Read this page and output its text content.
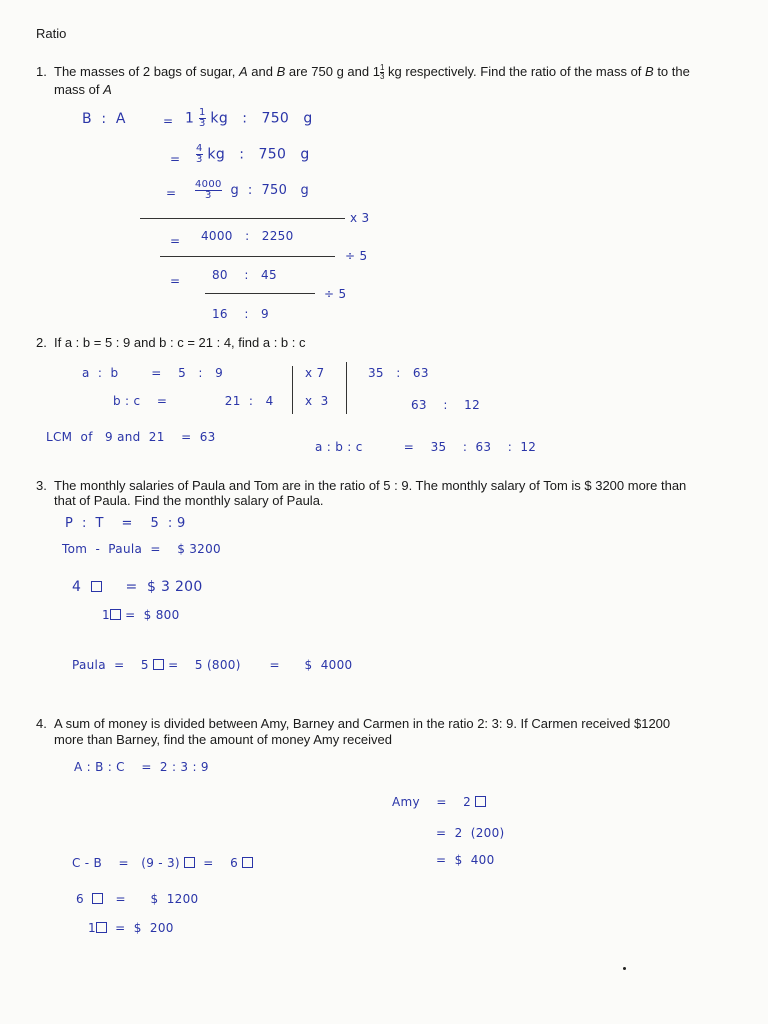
Ratio
1. The masses of 2 bags of sugar, A and B are 750 g and $1 \frac{1}{3}$ kg respectively. Find the ratio of the mass of B to the
mass of A
B  :  A	= $1 \frac{1}{3}$ kg   :   750   g
= $\frac{4}{3}$ kg   :   750   g
= $\frac{4000}{3}$ g  :  750   g
x 3
= 4000   :   2250
÷ 5
=	80    :   45
÷ 5
16    :   9
2. If a : b = 5 : 9 and b : c = 21 : 4, find a : b : c
a  :  b        =    5   :   9
b : c    =              21  :   4
x 7
x  3
35   :   63
63    :    12
LCM  of   9 and  21    =  63
a : b : c          =    35    :  63    :  12
3. The monthly salaries of Paula and Tom are in the ratio of 5 : 9. The monthly salary of Tom is $ 3200 more than
that of Paula. Find the monthly salary of Paula.
P  :  T    =    5  : 9
Tom  -  Paula  =    $ 3200
4	=  $ 3 200
1 =  $ 800
Paula  =    5 =    5 (800)       =      $  4000
4. A sum of money is divided between Amy, Barney and Carmen in the ratio 2: 3: 9. If Carmen received $1200
more than Barney, find the amount of money Amy received
A : B : C    =  2 : 3 : 9
Amy    =    2
=  2  (200)
=  $  400
C - B    =   (9 - 3) =    6
6	=      $  1200
1 =  $  200
